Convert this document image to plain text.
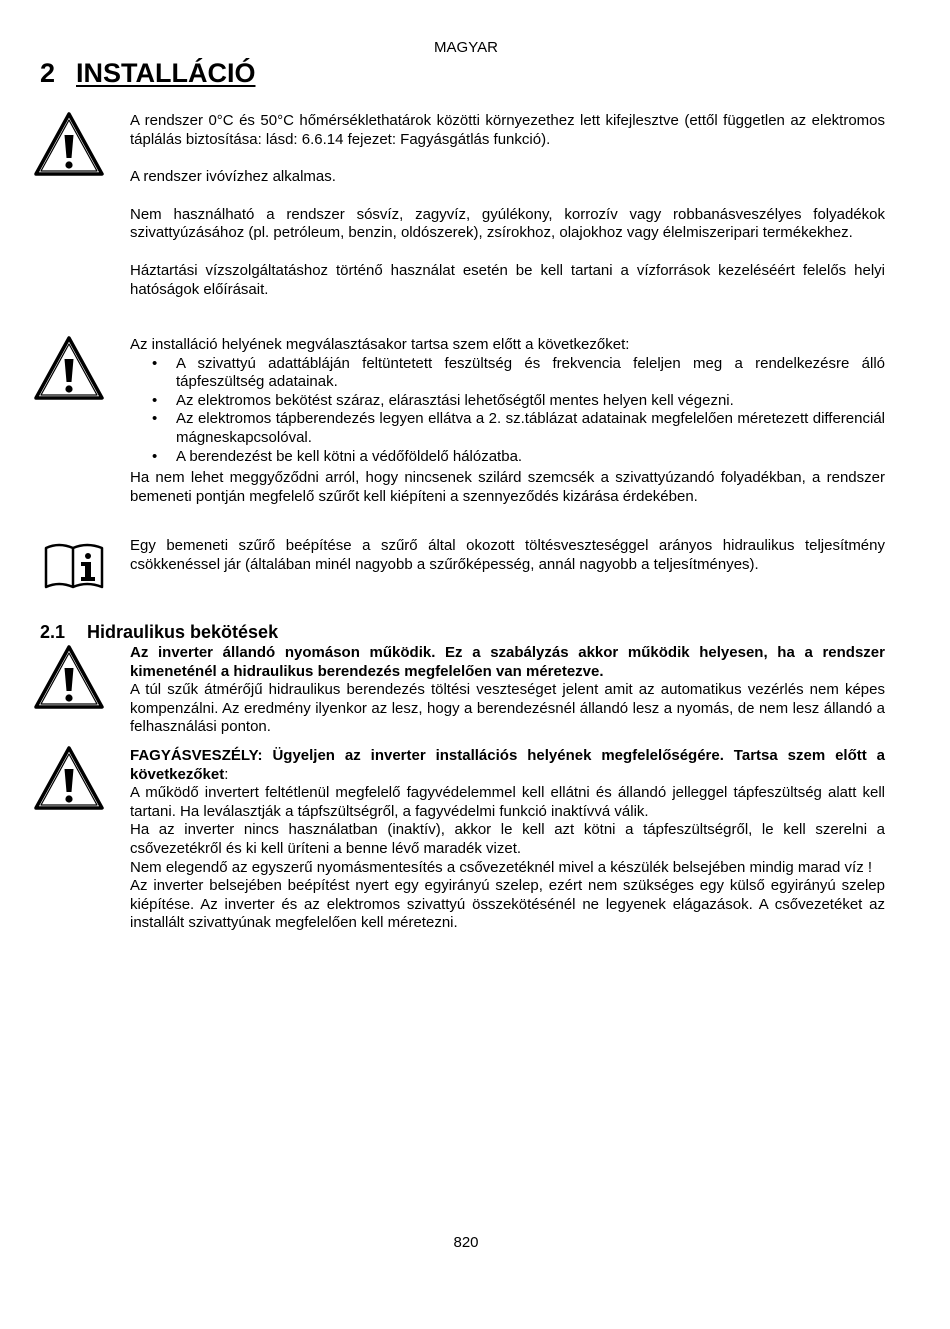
MAGYAR
2 INSTALLÁCIÓ

A rendszer 0°C és 50°C hőmérséklethatárok közötti környezethez lett kifejlesztve (ettől független az elektromos táplálás biztosítása: lásd: 6.6.14 fejezet: Fagyásgátlás funkció).

A rendszer ivóvízhez alkalmas.

Nem használható a rendszer sósvíz, zagyvíz, gyúlékony, korrozív vagy robbanásveszélyes folyadékok szivattyúzásához (pl. petróleum, benzin, oldószerek), zsírokhoz, olajokhoz vagy élelmiszeripari termékekhez.

Háztartási vízszolgáltatáshoz történő használat esetén be kell tartani a vízforrások kezeléséért felelős helyi hatóságok előírásait.

Az installáció helyének megválasztásakor tartsa szem előtt a következőket:

• A szivattyú adattábláján feltüntetett feszültség és frekvencia feleljen meg a rendelkezésre álló tápfeszültség adatainak.
• Az elektromos bekötést száraz, elárasztási lehetőségtől mentes helyen kell végezni.
• Az elektromos tápberendezés legyen ellátva a 2. sz.táblázat adatainak megfelelően méretezett differenciál mágneskapcsolóval.
• A berendezést be kell kötni a védőföldelő hálózatba.

Ha nem lehet meggyőződni arról, hogy nincsenek szilárd szemcsék a szivattyúzandó folyadékban, a rendszer bemeneti pontján megfelelő szűrőt kell kiépíteni a szennyeződés kizárása érdekében.

Egy bemeneti szűrő beépítése a szűrő által okozott töltésveszteséggel arányos hidraulikus teljesítmény csökkenéssel jár (általában minél nagyobb a szűrőképesség, annál nagyobb a teljesítményes).

2.1 Hidraulikus bekötések

Az inverter állandó nyomáson működik. Ez a szabályzás akkor működik helyesen, ha a rendszer kimeneténél a hidraulikus berendezés megfelelően van méretezve.

A túl szűk átmérőjű hidraulikus berendezés töltési veszteséget jelent amit az automatikus vezérlés nem képes kompenzálni. Az eredmény ilyenkor az lesz, hogy a berendezésnél állandó lesz a nyomás, de nem lesz állandó a felhasználási ponton.

FAGYÁSVESZÉLY: Ügyeljen az inverter installációs helyének megfelelőségére. Tartsa szem előtt a következőket:

A működő invertert feltétlenül megfelelő fagyvédelemmel kell ellátni és állandó jelleggel tápfeszültség alatt kell tartani. Ha leválasztják a tápfszültségről, a fagyvédelmi funkció inaktívvá válik.

Ha az inverter nincs használatban (inaktív), akkor le kell azt kötni a tápfeszültségről, le kell szerelni a csővezetékről és ki kell üríteni a benne lévő maradék vizet.

Nem elegendő az egyszerű nyomásmentesítés a csővezetéknél mivel a készülék belsejében mindig marad víz !

Az inverter belsejében beépítést nyert egy egyirányú szelep, ezért nem szükséges egy külső egyirányú szelep kiépítése. Az inverter és az elektromos szivattyú összekötésénél ne legyenek elágazások. A csővezetéket az installált szivattyúnak megfelelően kell méretezni.

820
